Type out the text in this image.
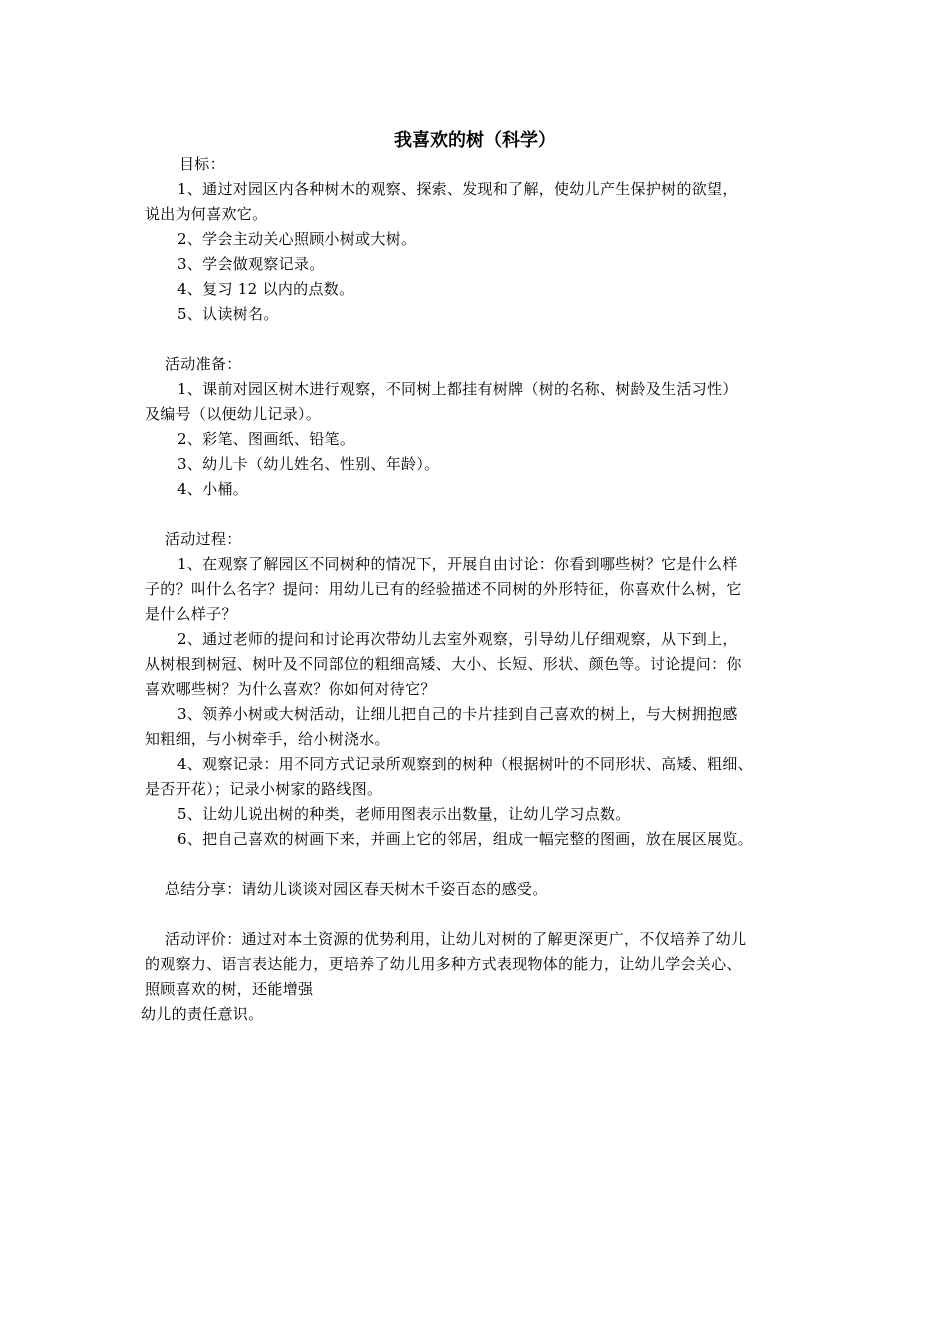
我喜欢的树（科学）
目标：
1、通过对园区内各种树木的观察、探索、发现和了解，使幼儿产生保护树的欲望，
说出为何喜欢它。
2、学会主动关心照顾小树或大树。
3、学会做观察记录。
4、复习 12 以内的点数。
5、认读树名。
活动准备：
1、课前对园区树木进行观察，不同树上都挂有树牌（树的名称、树龄及生活习性）
及编号（以便幼儿记录）。
2、彩笔、图画纸、铅笔。
3、幼儿卡（幼儿姓名、性别、年龄）。
4、小桶。
活动过程：
1、在观察了解园区不同树种的情况下，开展自由讨论：你看到哪些树？它是什么样
子的？叫什么名字？提问：用幼儿已有的经验描述不同树的外形特征，你喜欢什么树，它
是什么样子？
2、通过老师的提问和讨论再次带幼儿去室外观察，引导幼儿仔细观察，从下到上，
从树根到树冠、树叶及不同部位的粗细高矮、大小、长短、形状、颜色等。讨论提问：你
喜欢哪些树？为什么喜欢？你如何对待它？
3、领养小树或大树活动，让细儿把自己的卡片挂到自己喜欢的树上，与大树拥抱感
知粗细，与小树牵手，给小树浇水。
4、观察记录：用不同方式记录所观察到的树种（根据树叶的不同形状、高矮、粗细、
是否开花）；记录小树家的路线图。
5、让幼儿说出树的种类，老师用图表示出数量，让幼儿学习点数。
6、把自己喜欢的树画下来，并画上它的邻居，组成一幅完整的图画，放在展区展览。
总结分享：请幼儿谈谈对园区春天树木千姿百态的感受。
活动评价：通过对本土资源的优势利用，让幼儿对树的了解更深更广，不仅培养了幼儿
的观察力、语言表达能力，更培养了幼儿用多种方式表现物体的能力，让幼儿学会关心、
照顾喜欢的树，还能增强
幼儿的责任意识。
